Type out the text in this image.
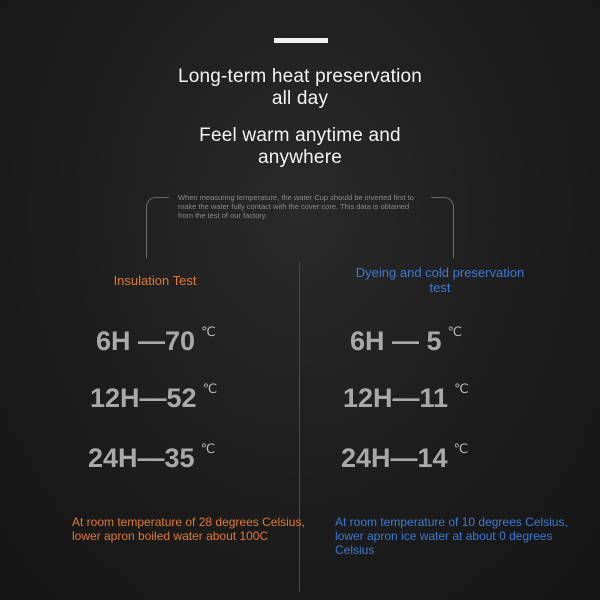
Long-term heat preservation
all day
Feel warm anytime and
anywhere
When measuring temperature, the water Cup should be inverted first to make the water fully contact with the cover core. This data is obtained from the test of our factory.
Insulation Test
Dyeing and cold preservation test
6H —70 ℃
12H—52 ℃
24H—35 ℃
6H — 5 ℃
12H—11 ℃
24H—14 ℃
At room temperature of 28 degrees Celsius, lower apron boiled water about 100C
At room temperature of 10 degrees Celsius, lower apron ice water at about 0 degrees Celsius
